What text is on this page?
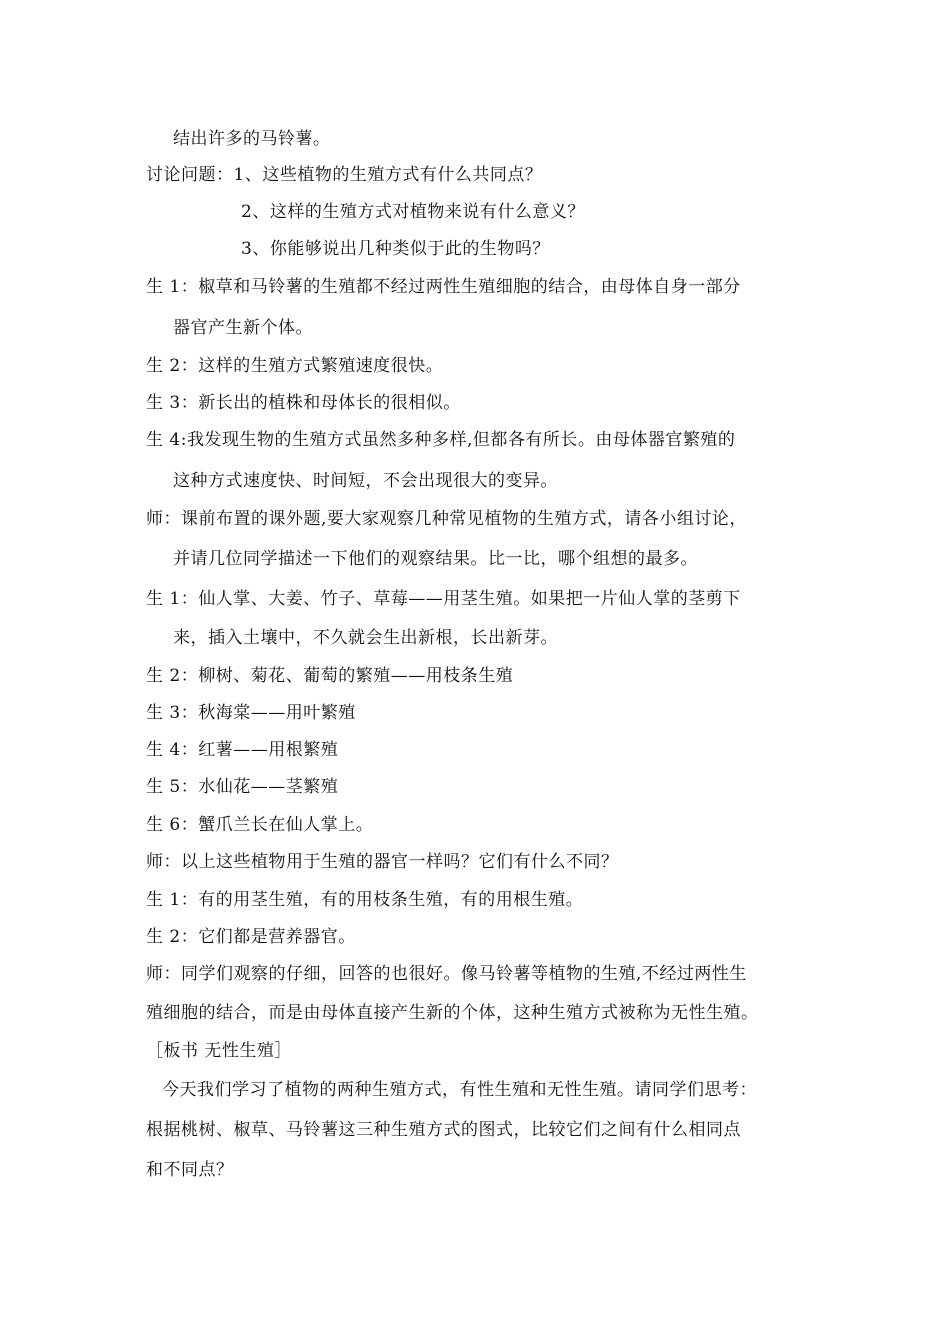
结出许多的马铃薯。
讨论问题：1、这些植物的生殖方式有什么共同点？
2、这样的生殖方式对植物来说有什么意义？
3、你能够说出几种类似于此的生物吗？
生 1：椒草和马铃薯的生殖都不经过两性生殖细胞的结合，由母体自身一部分
器官产生新个体。
生 2：这样的生殖方式繁殖速度很快。
生 3：新长出的植株和母体长的很相似。
生 4:我发现生物的生殖方式虽然多种多样,但都各有所长。由母体器官繁殖的
这种方式速度快、时间短，不会出现很大的变异。
师：课前布置的课外题,要大家观察几种常见植物的生殖方式，请各小组讨论，
并请几位同学描述一下他们的观察结果。比一比，哪个组想的最多。
生 1：仙人掌、大姜、竹子、草莓——用茎生殖。如果把一片仙人掌的茎剪下
来，插入土壤中，不久就会生出新根，长出新芽。
生 2：柳树、菊花、葡萄的繁殖——用枝条生殖
生 3：秋海棠——用叶繁殖
生 4：红薯——用根繁殖
生 5：水仙花——茎繁殖
生 6：蟹爪兰长在仙人掌上。
师：以上这些植物用于生殖的器官一样吗？它们有什么不同？
生 1：有的用茎生殖，有的用枝条生殖，有的用根生殖。
生 2：它们都是营养器官。
师：同学们观察的仔细，回答的也很好。像马铃薯等植物的生殖,不经过两性生
殖细胞的结合，而是由母体直接产生新的个体，这种生殖方式被称为无性生殖。
［板书 无性生殖］
今天我们学习了植物的两种生殖方式，有性生殖和无性生殖。请同学们思考：
根据桃树、椒草、马铃薯这三种生殖方式的图式，比较它们之间有什么相同点
和不同点？
